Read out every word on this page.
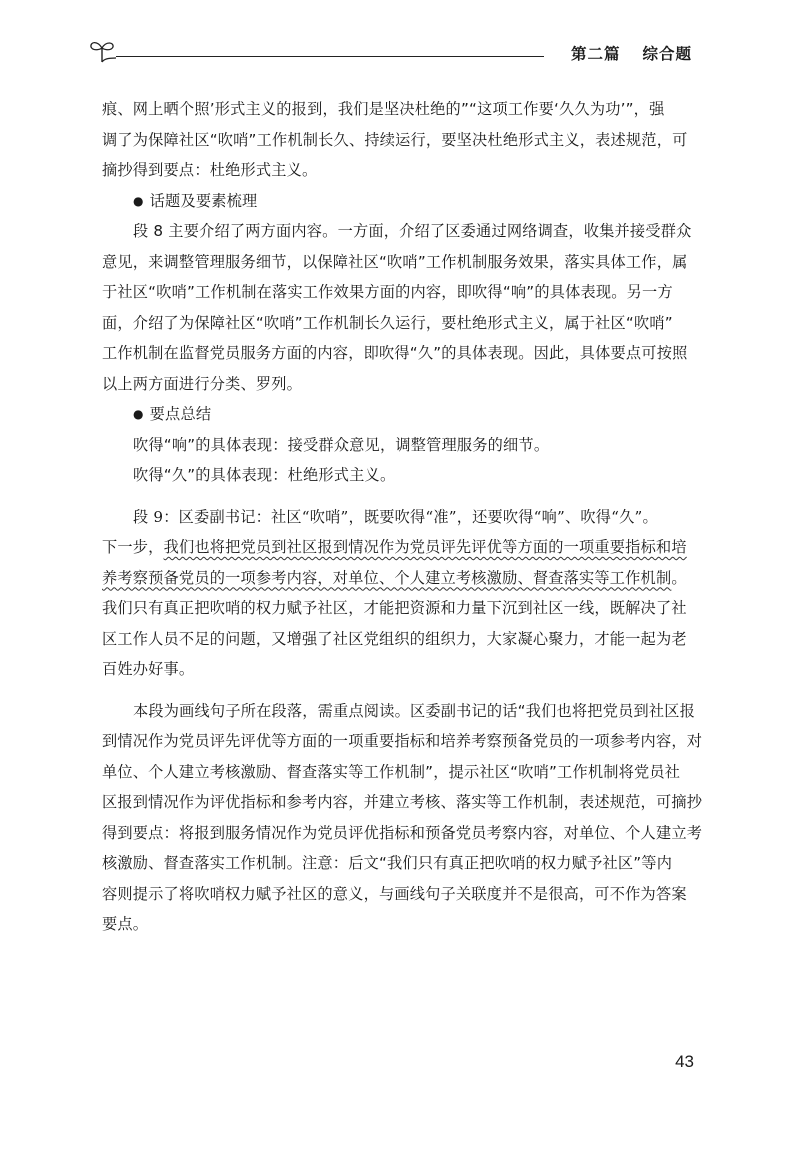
第二篇 综合题
痕、网上晒个照’形式主义的报到，我们是坚决杜绝的”“这项工作要‘久久为功’”，强
调了为保障社区“吹哨”工作机制长久、持续运行，要坚决杜绝形式主义，表述规范，可
摘抄得到要点：杜绝形式主义。
● 话题及要素梳理
段 8 主要介绍了两方面内容。一方面，介绍了区委通过网络调查，收集并接受群众
意见，来调整管理服务细节，以保障社区“吹哨”工作机制服务效果，落实具体工作，属
于社区“吹哨”工作机制在落实工作效果方面的内容，即吹得“响”的具体表现。另一方
面，介绍了为保障社区“吹哨”工作机制长久运行，要杜绝形式主义，属于社区“吹哨”
工作机制在监督党员服务方面的内容，即吹得“久”的具体表现。因此，具体要点可按照
以上两方面进行分类、罗列。
● 要点总结
吹得“响”的具体表现：接受群众意见，调整管理服务的细节。
吹得“久”的具体表现：杜绝形式主义。
段 9：区委副书记：社区“吹哨”，既要吹得“准”，还要吹得“响”、吹得“久”。
下一步，我们也将把党员到社区报到情况作为党员评先评优等方面的一项重要指标和培
养考察预备党员的一项参考内容，对单位、个人建立考核激励、督查落实等工作机制。
我们只有真正把吹哨的权力赋予社区，才能把资源和力量下沉到社区一线，既解决了社
区工作人员不足的问题，又增强了社区党组织的组织力，大家凝心聚力，才能一起为老
百姓办好事。
本段为画线句子所在段落，需重点阅读。区委副书记的话“我们也将把党员到社区报
到情况作为党员评先评优等方面的一项重要指标和培养考察预备党员的一项参考内容，对
单位、个人建立考核激励、督查落实等工作机制”，提示社区“吹哨”工作机制将党员社
区报到情况作为评优指标和参考内容，并建立考核、落实等工作机制，表述规范，可摘抄
得到要点：将报到服务情况作为党员评优指标和预备党员考察内容，对单位、个人建立考
核激励、督查落实工作机制。注意：后文“我们只有真正把吹哨的权力赋予社区”等内
容则提示了将吹哨权力赋予社区的意义，与画线句子关联度并不是很高，可不作为答案
要点。
43
